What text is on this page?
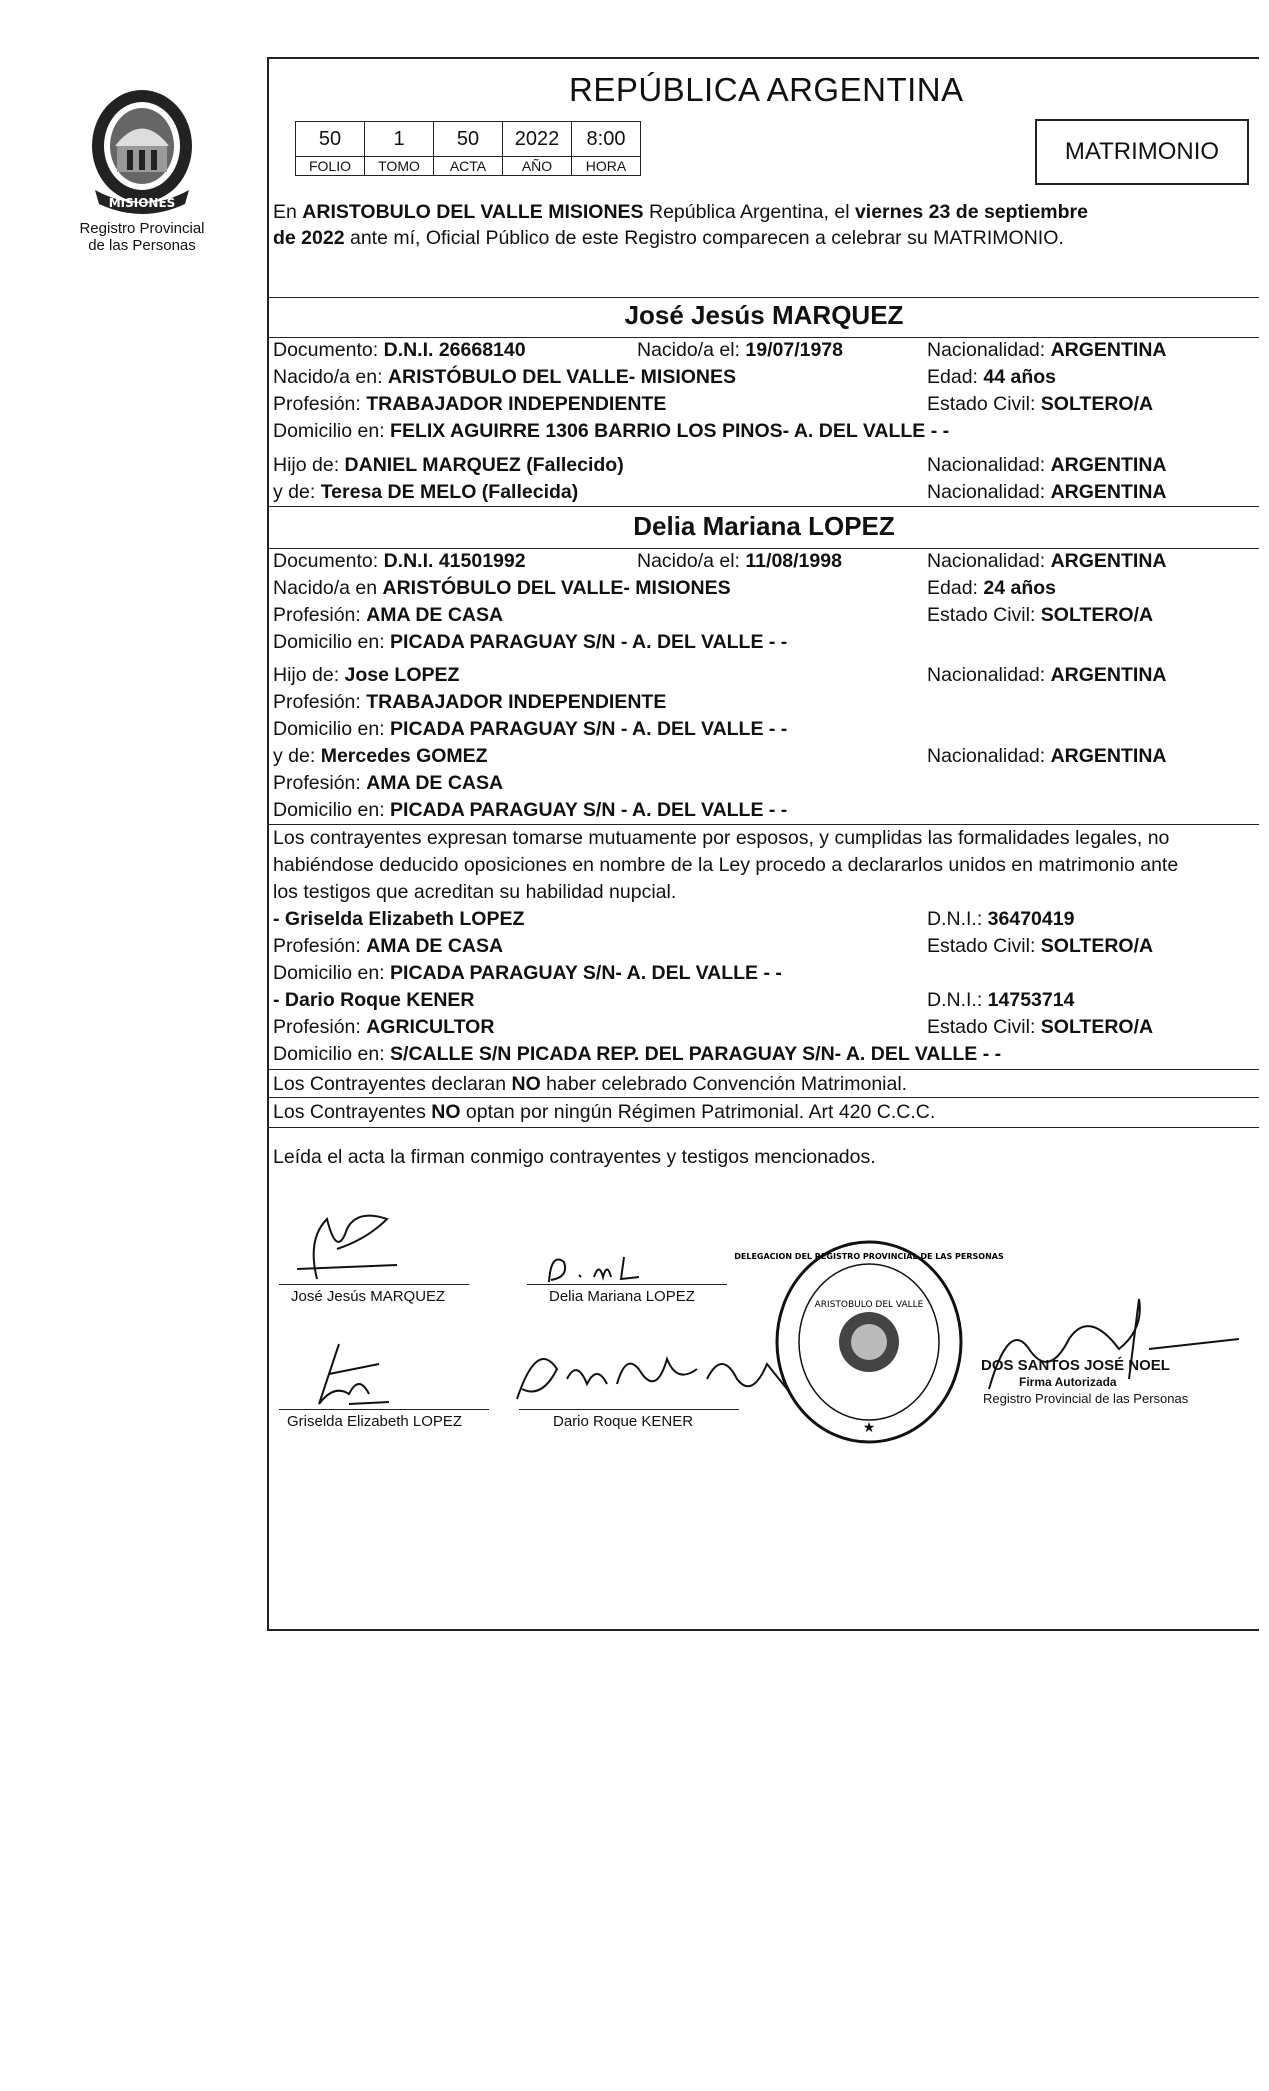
MISIONES
Registro Provincial de las Personas
REPÚBLICA ARGENTINA
50	1	50	2022	8:00
FOLIO	TOMO	ACTA	AÑO	HORA
MATRIMONIO
En ARISTOBULO DEL VALLE MISIONES República Argentina, el viernes 23 de septiembre
de 2022 ante mí, Oficial Público de este Registro comparecen a celebrar su MATRIMONIO.
José Jesús MARQUEZ
Documento: D.N.I. 26668140	Nacido/a el: 19/07/1978	Nacionalidad: ARGENTINA
Nacido/a en: ARISTÓBULO DEL VALLE- MISIONES	Edad: 44 años
Profesión: TRABAJADOR INDEPENDIENTE	Estado Civil: SOLTERO/A
Domicilio en: FELIX AGUIRRE 1306 BARRIO LOS PINOS- A. DEL VALLE - -
Hijo de: DANIEL MARQUEZ (Fallecido)	Nacionalidad: ARGENTINA
y de: Teresa DE MELO (Fallecida)	Nacionalidad: ARGENTINA
Delia Mariana LOPEZ
Documento: D.N.I. 41501992	Nacido/a el: 11/08/1998	Nacionalidad: ARGENTINA
Nacido/a en ARISTÓBULO DEL VALLE- MISIONES	Edad: 24 años
Profesión: AMA DE CASA	Estado Civil: SOLTERO/A
Domicilio en: PICADA PARAGUAY S/N - A. DEL VALLE - -
Hijo de: Jose LOPEZ	Nacionalidad: ARGENTINA
Profesión: TRABAJADOR INDEPENDIENTE
Domicilio en: PICADA PARAGUAY S/N - A. DEL VALLE - -
y de: Mercedes GOMEZ	Nacionalidad: ARGENTINA
Profesión: AMA DE CASA
Domicilio en: PICADA PARAGUAY S/N - A. DEL VALLE - -
Los contrayentes expresan tomarse mutuamente por esposos, y cumplidas las formalidades legales, no
habiéndose deducido oposiciones en nombre de la Ley procedo a declararlos unidos en matrimonio ante
los testigos que acreditan su habilidad nupcial.
- Griselda Elizabeth LOPEZ	D.N.I.: 36470419
Profesión: AMA DE CASA	Estado Civil: SOLTERO/A
Domicilio en: PICADA PARAGUAY S/N- A. DEL VALLE - -
- Dario Roque KENER	D.N.I.: 14753714
Profesión: AGRICULTOR	Estado Civil: SOLTERO/A
Domicilio en: S/CALLE S/N PICADA REP. DEL PARAGUAY S/N- A. DEL VALLE - -
Los Contrayentes declaran NO haber celebrado Convención Matrimonial.
Los Contrayentes NO optan por ningún Régimen Patrimonial. Art 420 C.C.C.
Leída el acta la firman conmigo contrayentes y testigos mencionados.
José Jesús MARQUEZ	Delia Mariana LOPEZ
Griselda Elizabeth LOPEZ	Dario Roque KENER
ARISTOBULO DEL VALLE
DELEGACION DEL REGISTRO PROVINCIAL DE LAS PERSONAS
★
DOS SANTOS JOSÉ NOEL
Firma Autorizada
Registro Provincial de las Personas
